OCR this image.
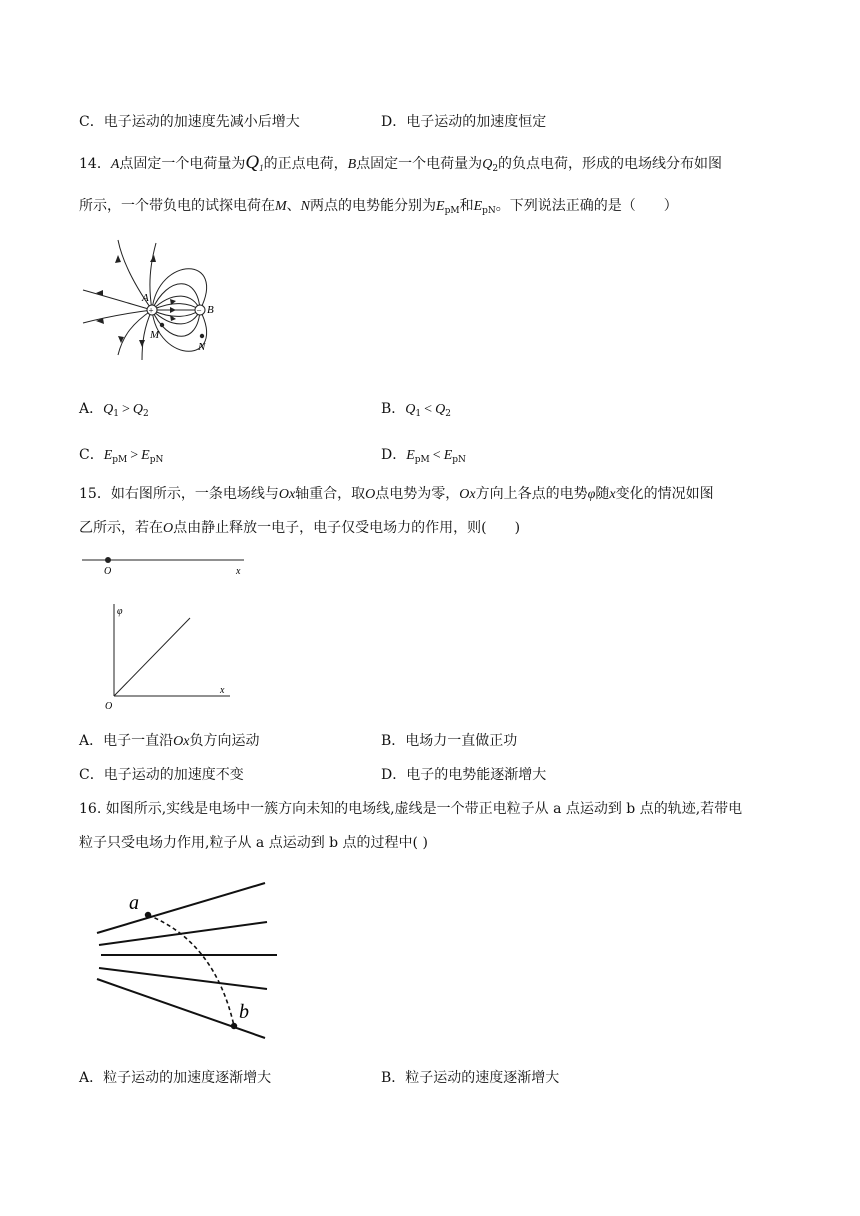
C．电子运动的加速度先减小后增大	D．电子运动的加速度恒定
14．A点固定一个电荷量为$Q_1$的正点电荷，B点固定一个电荷量为$Q_2$的负点电荷，形成的电场线分布如图
所示，一个带负电的试探电荷在M、N两点的电势能分别为$E_{pM}$和$E_{pN}$。下列说法正确的是（　　）
+	−
A
B
M
N
A．$Q_1 > Q_2$	B．$Q_1 < Q_2$
C．$E_{pM} > E_{pN}$	D．$E_{pM} < E_{pN}$
15．如右图所示，一条电场线与Ox轴重合，取O点电势为零，Ox方向上各点的电势φ随x变化的情况如图
乙所示，若在O点由静止释放一电子，电子仅受电场力的作用，则(　　)
O	x
φ
O
x
A．电子一直沿Ox负方向运动	B．电场力一直做正功
C．电子运动的加速度不变	D．电子的电势能逐渐增大
16. 如图所示,实线是电场中一簇方向未知的电场线,虚线是一个带正电粒子从 a 点运动到 b 点的轨迹,若带电
粒子只受电场力作用,粒子从 a 点运动到 b 点的过程中( )
a
b
A．粒子运动的加速度逐渐增大	B．粒子运动的速度逐渐增大
